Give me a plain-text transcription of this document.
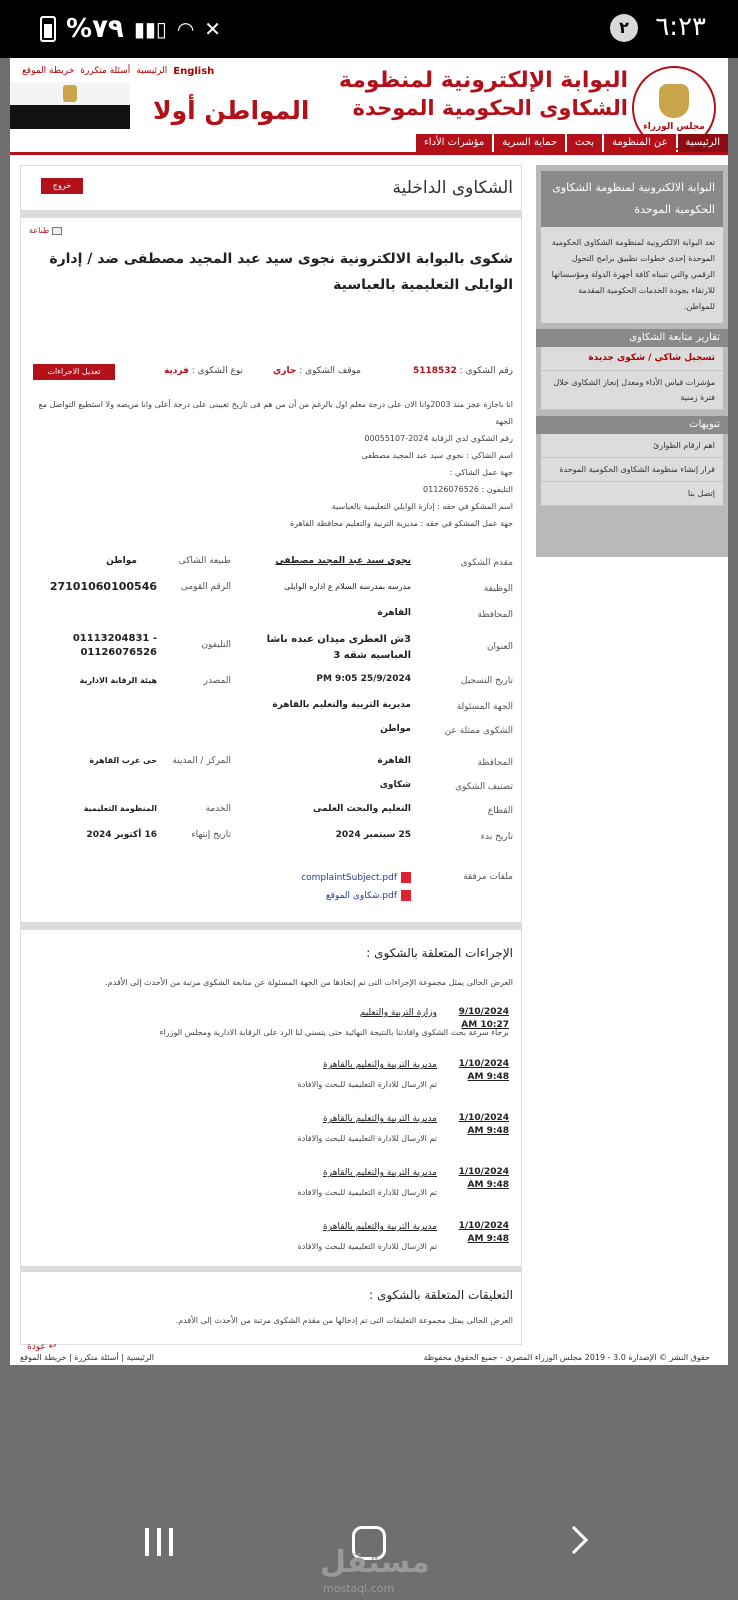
%٧٩ ▮▮▯ ◠ ✕	٢	٦:٢٣
English
الرئيسية
أسئلة متكررة
خريطة الموقع
المواطن أولا
البوابة الإلكترونية لمنظومة
الشكاوى الحكومية الموحدة
مجلس الوزراء
الرئيسية
عن المنظومة
بحث
حماية السرية
مؤشرات الأداء
البوابة الالكترونية لمنظومة الشكاوى الحكومية الموحدة
تعد البوابة الالكترونية لمنظومة الشكاوى الحكومية الموحدة إحدى خطوات تطبيق برامج التحول الرقمي والتي تنبناه كافة أجهزة الدولة ومؤسساتها للارتقاء بجودة الخدمات الحكومية المقدمة للمواطن.
تقارير متابعة الشكاوى
تسجيل شاكي / شكوى جديدة
مؤشرات قياس الأداء ومعدل إنجاز الشكاوى خلال فترة زمنية
تنويهات
اهم ارقام الطوارئ
قرار إنشاء منظومة الشكاوى الحكومية الموحدة
إتصل بنا
الشكاوى الداخلية
خروج
طباعة
شكوى بالبوابة الالكترونية نجوى سيد عبد المجيد مصطفى ضد / إدارة الوايلى التعليمية بالعباسية
رقم الشكوى : 5118532
موقف الشكوى : جاري
نوع الشكوى : فردية
تعديل الاجراءات
انا باجازة عجز منذ 2003وانا الان على درجة معلم اول بالرغم من أن من هم فى تاريخ تعيينى على درجة أعلى وانا مريضه ولا استطيع التواصل مع الجهة
رقم الشكوي لدي الرقابة 2024-00055107
اسم الشاكي : نجوي سيد عبد المجيد مصطفى
جهة عمل الشاكي :
التليفون : 01126076526
اسم المشكو في حقه : إدارة الوايلي التعليمية بالعباسية
جهة عمل المشكو في حقه : مديرية التربية والتعليم محافظة القاهرة
مقدم الشكوى
نجوي سيد عبد المجيد مصطفى
طبيعة الشاكى
مواطن
الوظيفة
مدرسه بمدرسه السلام ع اداره الوايلى
الرقم القومى
27101060100546
المحافظة
القاهرة
العنوان
3ش العطرى ميدان عبده باشا العباسيه شقه 3
التليفون
01113204831 - 01126076526
تاريخ التسجيل
PM 9:05 25/9/2024
المصدر
هيئة الرقابة الادارية
الجهة المسئولة
مديرية التربية والتعليم بالقاهرة
الشكوى ممثلة عن
مواطن
المحافظة
القاهرة
المركز / المدينة
حى غرب القاهرة
تصنيف الشكوى
شكاوى
القطاع
التعليم والبحث العلمى
الخدمة
المنظومة التعليمية
تاريخ بدء
25 سبتمبر 2024
تاريخ إنتهاء
16 أكتوبر 2024
ملفات مرفقة
complaintSubject.pdf
شكاوى الموقع.pdf
الإجراءات المتعلقة بالشكوى :
العرض الحالى يمثل مجموعة الإجراءات التى تم إتخاذها من الجهة المسئولة عن متابعة الشكوى مرتبة من الأحدث إلى الأقدم.
9/10/2024
AM 10:27
وزارة التربية والتعليم
برجاء سرعة بحث الشكوى وافادتنا بالنتيجة النهائية حتى يتسني لنا الرد على الرقابة الادارية ومجلس الوزراء
1/10/2024
AM 9:48
مديرية التربية والتعليم بالقاهرة
تم الارسال للادارة التعليمية للبحث والافادة
1/10/2024
AM 9:48
مديرية التربية والتعليم بالقاهرة
تم الارسال للادارة التعليمية للبحث والافادة
1/10/2024
AM 9:48
مديرية التربية والتعليم بالقاهرة
تم الارسال للادارة التعليمية للبحث والافادة
1/10/2024
AM 9:48
مديرية التربية والتعليم بالقاهرة
تم الارسال للادارة التعليمية للبحث والافادة
التعليقات المتعلقة بالشكوى :
العرض الحالى يمثل مجموعة التعليقات التى تم إدخالها من مقدم الشكوى مرتبة من الأحدث إلى الأقدم.
عودة ↩
حقوق النشر © الإصدارة 3.0 - 2019 مجلس الوزراء المصرى - جميع الحقوق محفوظة
الرئيسية | أسئلة متكررة | خريطة الموقع
مستقل
mostaql.com
